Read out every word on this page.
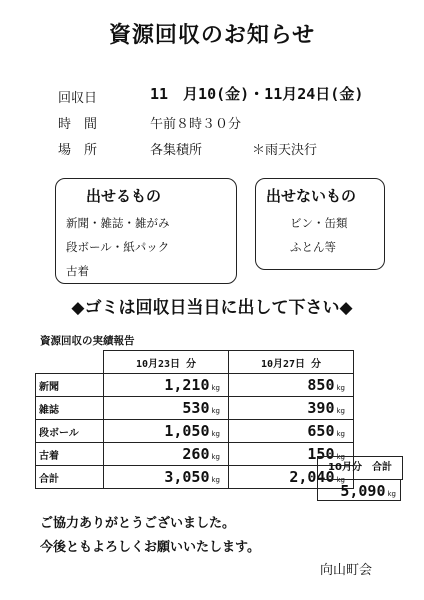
資源回収のお知らせ
回収日	11　月10(金)・11月24日(金)
時　間	午前８時３０分
場　所	各集積所	＊雨天決行
出せるもの
新聞・雑誌・雑がみ
段ボール・紙パック
古着
出せないもの
ビン・缶類
ふとん等
◆ゴミは回収日当日に出して下さい◆
資源回収の実績報告
	10月23日 分	10月27日 分
新聞	1,210 kg	850 kg
雑誌	530 kg	390 kg
段ボール	1,050 kg	650 kg
古着	260 kg	150 kg
合計	3,050 kg	2,040 kg
10月分　合計
5,090 kg
ご協力ありがとうございました。
今後ともよろしくお願いいたします。
向山町会
